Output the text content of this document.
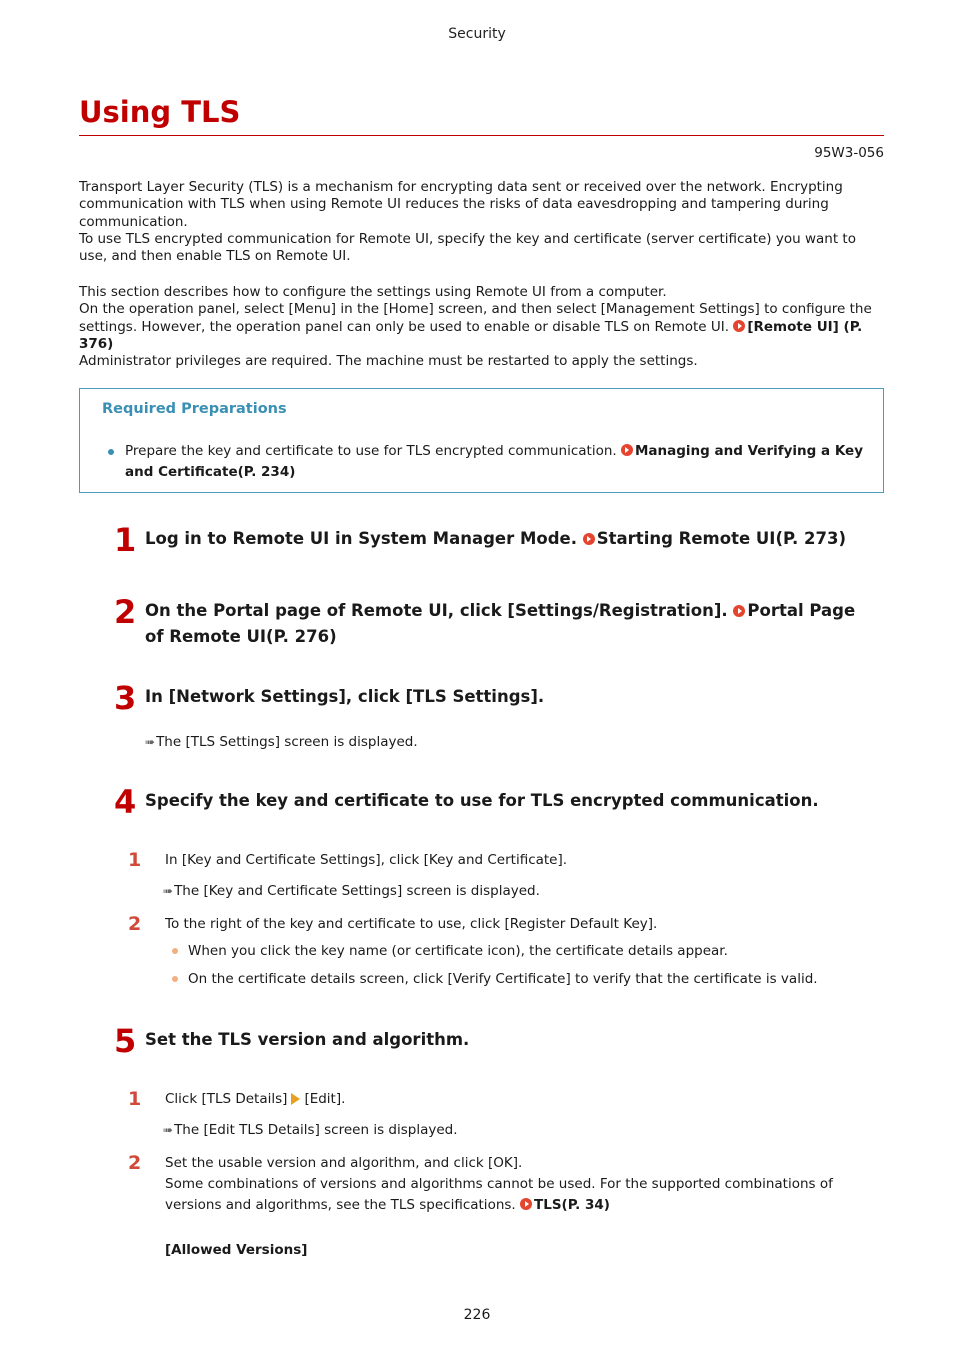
Security
Using TLS
95W3-056

Transport Layer Security (TLS) is a mechanism for encrypting data sent or received over the network. Encrypting communication with TLS when using Remote UI reduces the risks of data eavesdropping and tampering during communication.

To use TLS encrypted communication for Remote UI, specify the key and certificate (server certificate) you want to use, and then enable TLS on Remote UI.

This section describes how to configure the settings using Remote UI from a computer.

On the operation panel, select [Menu] in the [Home] screen, and then select [Management Settings] to configure the settings. However, the operation panel can only be used to enable or disable TLS on Remote UI. [Remote UI] (P. 376)

Administrator privileges are required. The machine must be restarted to apply the settings.

Required Preparations
Prepare the key and certificate to use for TLS encrypted communication. Managing and Verifying a Key and Certificate(P. 234)
1 Log in to Remote UI in System Manager Mode. Starting Remote UI(P. 273)
2 On the Portal page of Remote UI, click [Settings/Registration]. Portal Page of Remote UI(P. 276)
3 In [Network Settings], click [TLS Settings].
➠ The [TLS Settings] screen is displayed.
4 Specify the key and certificate to use for TLS encrypted communication.
1 In [Key and Certificate Settings], click [Key and Certificate].
➠ The [Key and Certificate Settings] screen is displayed.
2 To the right of the key and certificate to use, click [Register Default Key].
When you click the key name (or certificate icon), the certificate details appear.
On the certificate details screen, click [Verify Certificate] to verify that the certificate is valid.
5 Set the TLS version and algorithm.
1 Click [TLS Details] [Edit].
➠ The [Edit TLS Details] screen is displayed.
2 Set the usable version and algorithm, and click [OK].
Some combinations of versions and algorithms cannot be used. For the supported combinations of versions and algorithms, see the TLS specifications. TLS(P. 34)
[Allowed Versions]
226
